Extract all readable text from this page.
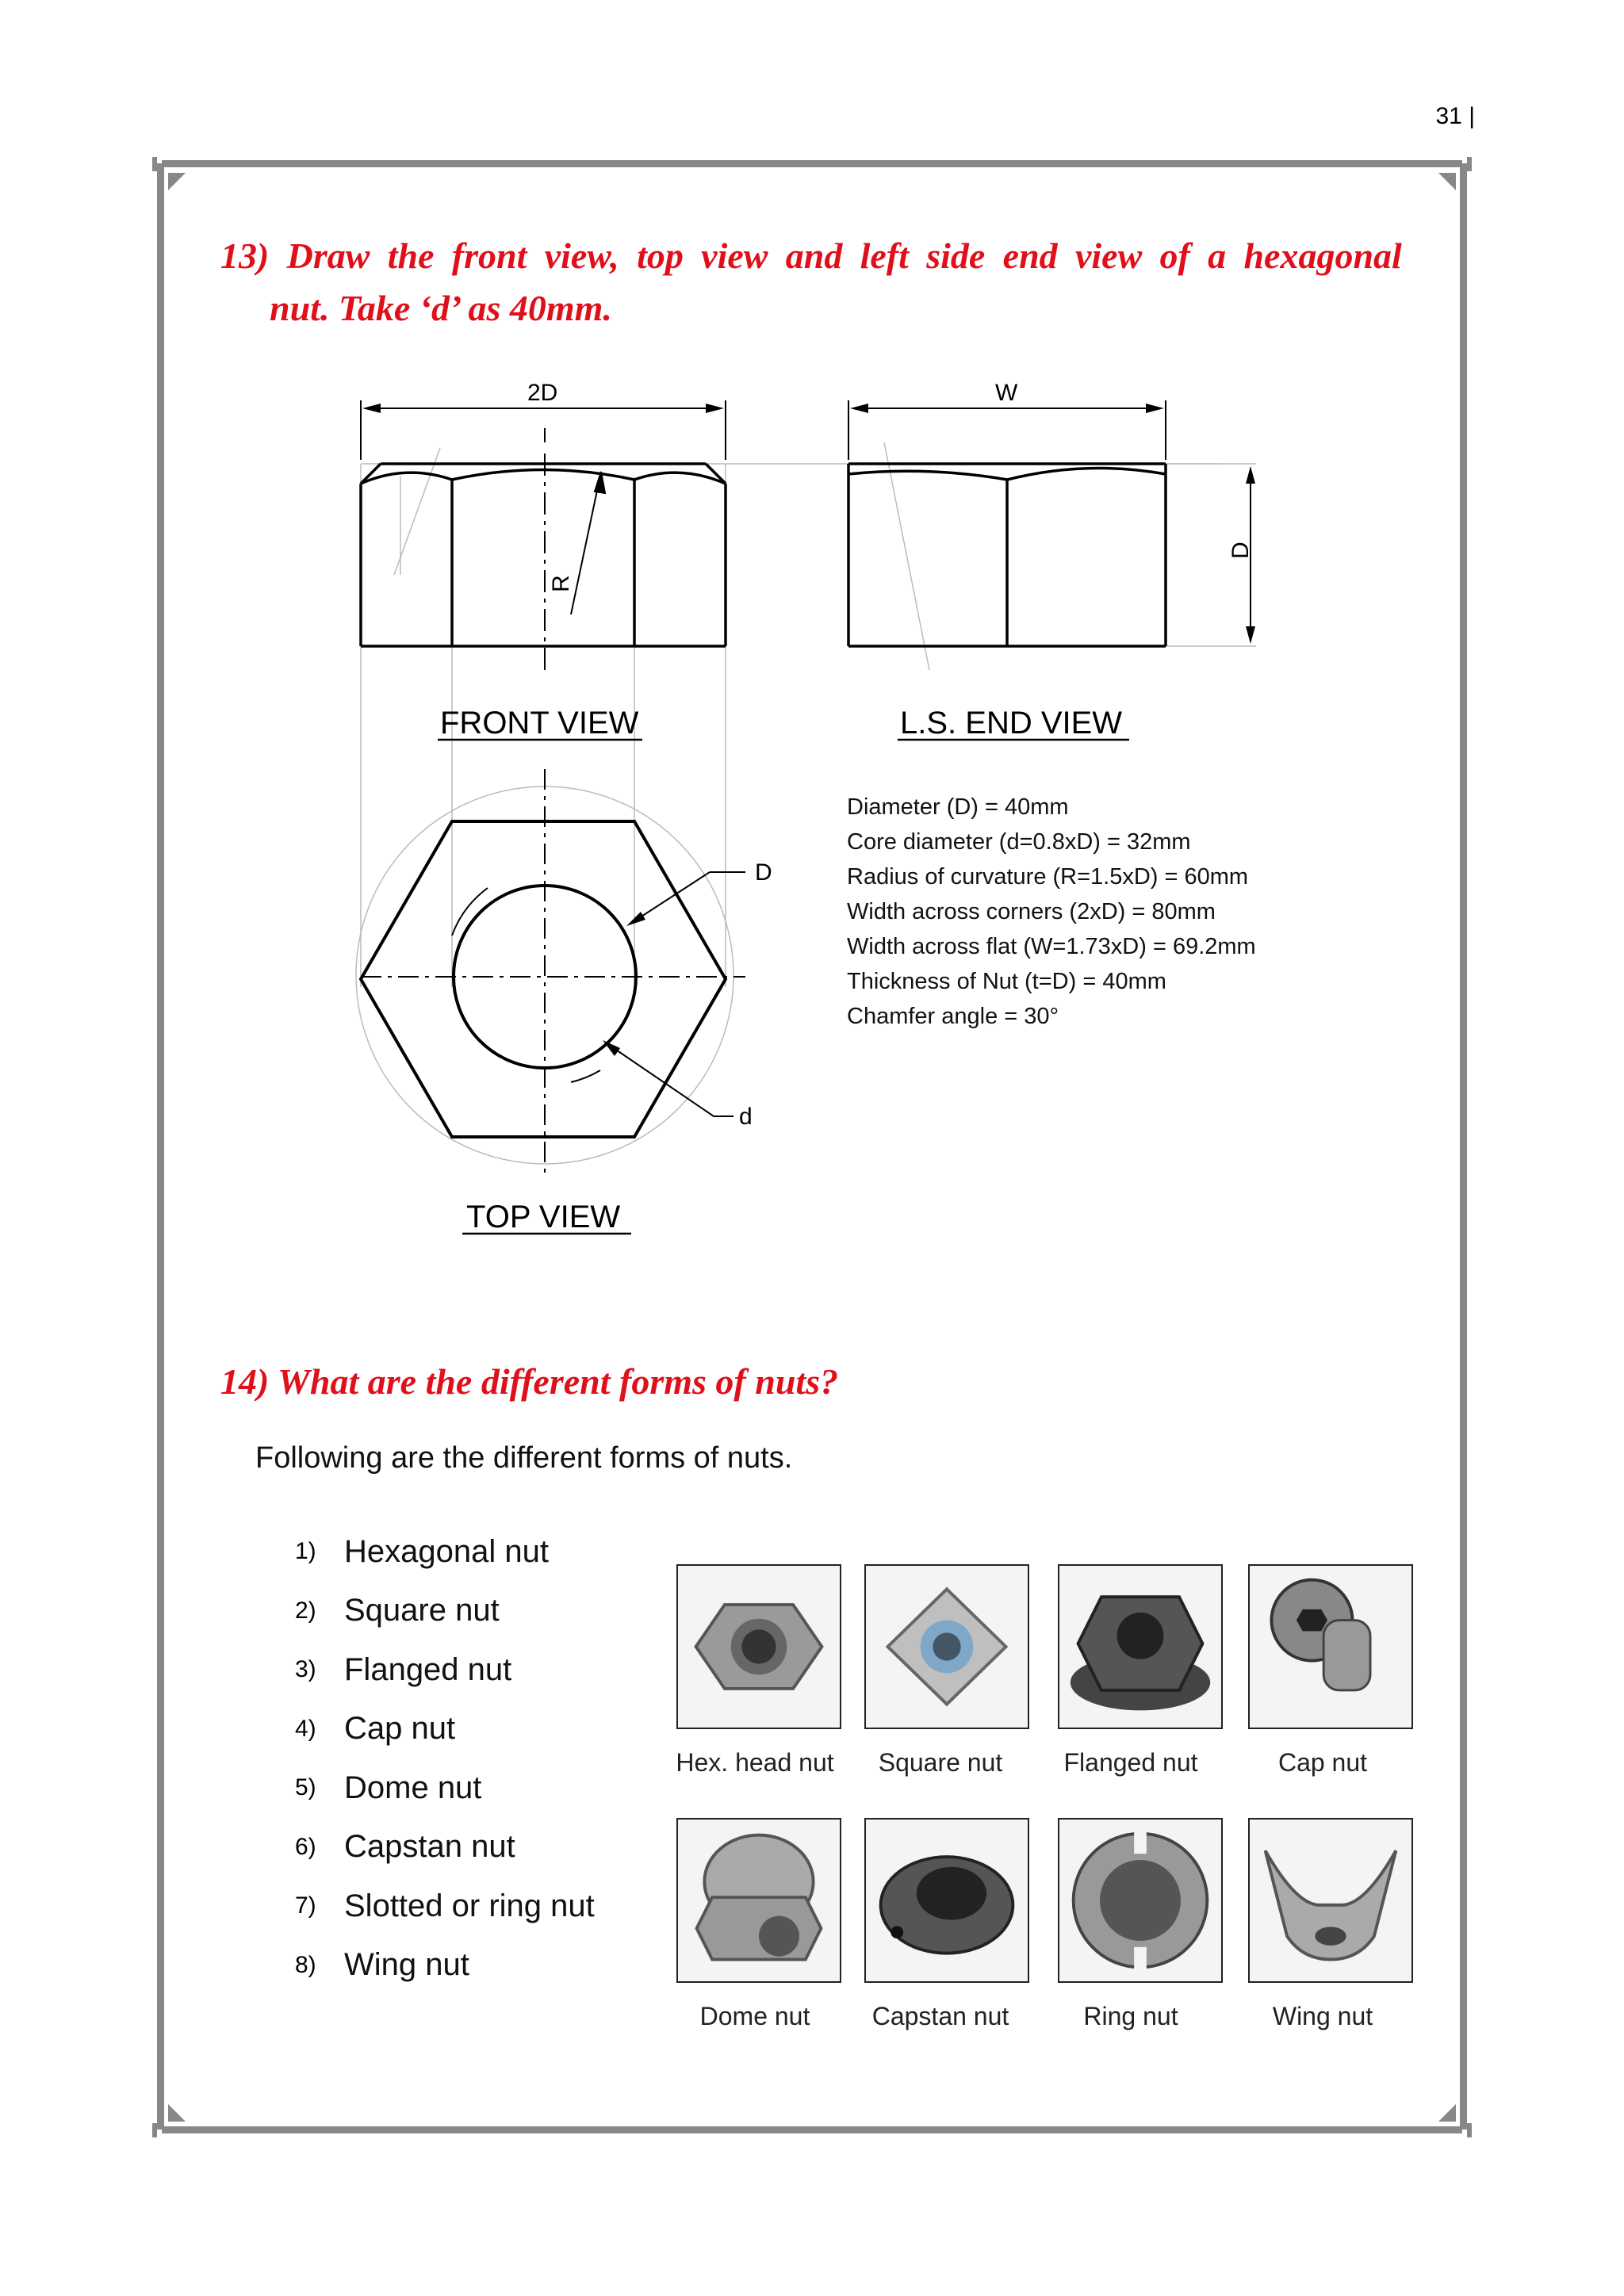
31 |
13) Draw the front view, top view and left side end view of a hexagonal
nut. Take ‘d’ as 40mm.
R
2D	W
D
FRONT VIEW	L.S. END VIEW
D
d
TOP VIEW
Diameter (D) = 40mm
Core diameter (d=0.8xD) = 32mm
Radius of curvature (R=1.5xD) = 60mm
Width across corners (2xD) = 80mm
Width across flat (W=1.73xD) = 69.2mm
Thickness of Nut (t=D) = 40mm
Chamfer angle = 30°
14) What are the different forms of nuts?
Following are the different forms of nuts.
1) Hexagonal nut
2) Square nut
3) Flanged nut
4) Cap nut
5) Dome nut
6) Capstan nut
7) Slotted or ring nut
8) Wing nut
Hex. head nut	Square nut	Flanged nut	Cap nut
Dome nut	Capstan nut	Ring nut	Wing nut
